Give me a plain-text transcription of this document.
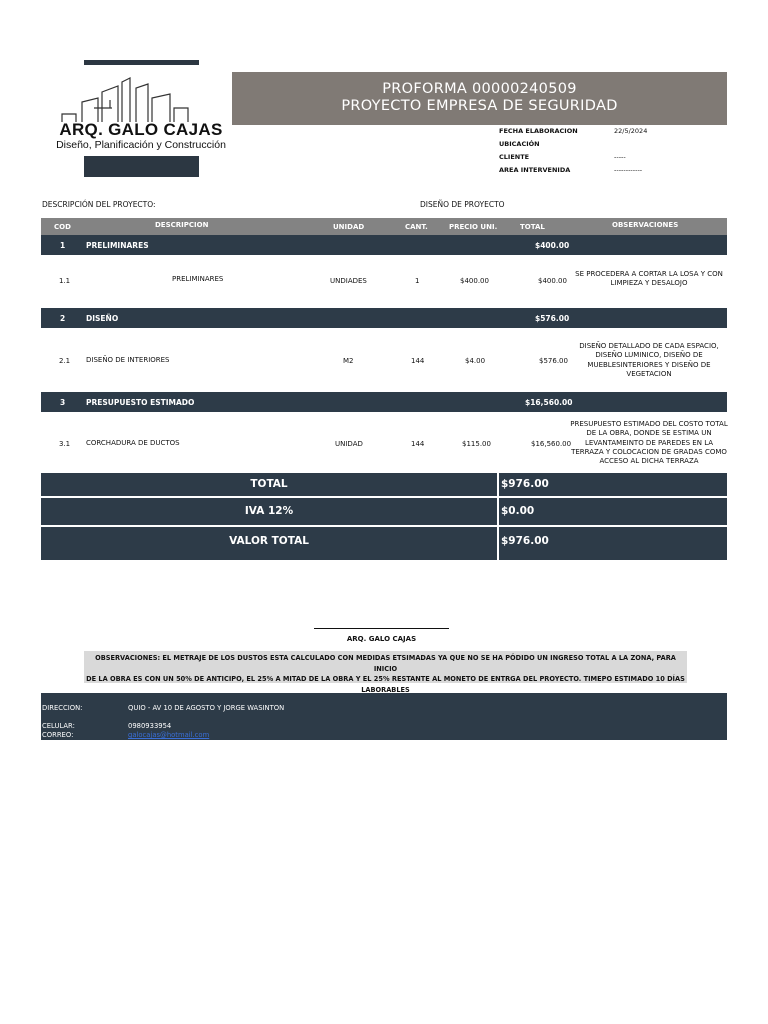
ARQ. GALO CAJAS
Diseño, Planificación y Construcción
PROFORMA 00000240509
PROYECTO EMPRESA DE SEGURIDAD
FECHA ELABORACION	22/5/2024
UBICACIÓN
CLIENTE	-----
AREA INTERVENIDA	------------
DESCRIPCIÓN DEL PROYECTO:	DISEÑO DE PROYECTO
COD	DESCRIPCION	UNIDAD	CANT.	PRECIO UNI.	TOTAL	OBSERVACIONES
1	PRELIMINARES	$400.00
1.1	PRELIMINARES	UNDIADES	1	$400.00	$400.00
SE PROCEDERA A CORTAR LA LOSA Y CON
LIMPIEZA Y DESALOJO
2	DISEÑO	$576.00
2.1 DISEÑO DE INTERIORES	M2	144	$4.00	$576.00
DISEÑO DETALLADO DE CADA ESPACIO,
DISEÑO LUMINICO, DISEÑO DE
MUEBLESINTERIORES Y DISEÑO DE
VEGETACION
3	PRESUPUESTO ESTIMADO	$16,560.00
3.1 CORCHADURA DE DUCTOS	UNIDAD	144	$115.00	$16,560.00
PRESUPUESTO ESTIMADO DEL COSTO TOTAL
DE LA OBRA, DONDE SE ESTIMA UN
LEVANTAMEINTO DE PAREDES EN LA
TERRAZA Y COLOCACION DE GRADAS COMO
ACCESO AL DICHA TERRAZA
TOTAL	$976.00
IVA 12%	$0.00
VALOR TOTAL	$976.00
ARQ. GALO CAJAS
OBSERVACIONES: EL METRAJE DE LOS DUSTOS ESTA CALCULADO CON MEDIDAS ETSIMADAS YA QUE NO SE HA PÓDIDO UN INGRESO TOTAL A LA ZONA, PARA INICIO
DE LA OBRA ES CON UN 50% DE ANTICIPO, EL 25% A MITAD DE LA OBRA Y EL 25% RESTANTE AL MONETO DE ENTRGA DEL PROYECTO. TIMEPO ESTIMADO 10 DÍAS
LABORABLES
DIRECCION:	QUIO - AV 10 DE AGOSTO Y JORGE WASINTON
CELULAR:	0980933954
CORREO:	galocajas@hotmail.com
